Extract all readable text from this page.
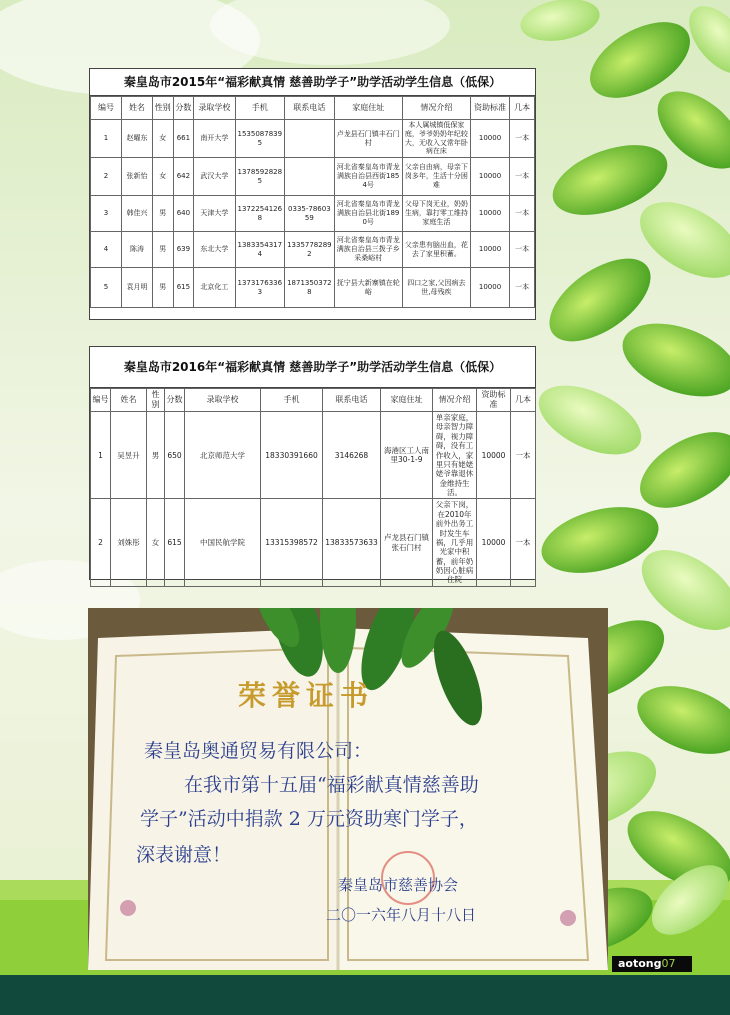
秦皇岛市2015年“福彩献真情 慈善助学子”助学活动学生信息（低保）
编号	姓名	性别	分数	录取学校	手机	联系电话	家庭住址	情况介绍	资助标准	几本
1	赵曜东	女	661	南开大学	15350878395		卢龙县石门镇丰石门村	本人属城镇低保家庭，爷爷奶奶年纪较大，无收入又常年卧病在床	10000	一本
2	张新怡	女	642	武汉大学	13785928285		河北省秦皇岛市青龙满族自治县西街1854号	父亲自由病，母亲下岗多年，生活十分困难	10000	一本
3	韩佳兴	男	640	天津大学	13722541268	0335-7860359	河北省秦皇岛市青龙满族自治县北街1890号	父母下岗无业，奶奶生病，靠打零工维持家庭生活	10000	一本
4	陈涛	男	639	东北大学	13833543174	13357782892	河北省秦皇岛市青龙满族自治县三拨子乡采桑峪村	父亲患有脑出血，花去了家里积蓄。	10000	一本
5	袁月明	男	615	北京化工	13731763363	18713503728	抚宁县大新寨镇在轮峪	四口之家,父因病去世,母残疾	10000	一本
秦皇岛市2016年“福彩献真情 慈善助学子”助学活动学生信息（低保）
编号	姓名	性别	分数	录取学校	手机	联系电话	家庭住址	情况介绍	资助标准	几本
1	吴昱升	男	650	北京师范大学	18330391660	3146268	海港区工人南里30-1-9	单亲家庭，母亲智力障碍，视力障碍，没有工作收入，家里只有姥姥姥爷靠退休金维持生活。	10000	一本
2	刘姝彤	女	615	中国民航学院	13315398572	13833573633	卢龙县石门镇张石门村	父亲下岗，在2010年前外出务工时发生车祸，几乎用光家中积蓄，前年奶奶因心脏病住院	10000	一本
荣誉证书
秦皇岛奥通贸易有限公司：
在我市第十五届“福彩献真情慈善助
学子”活动中捐款 2 万元资助寒门学子，
深表谢意！
秦皇岛市慈善协会
二〇一六年八月十八日
aotong07
